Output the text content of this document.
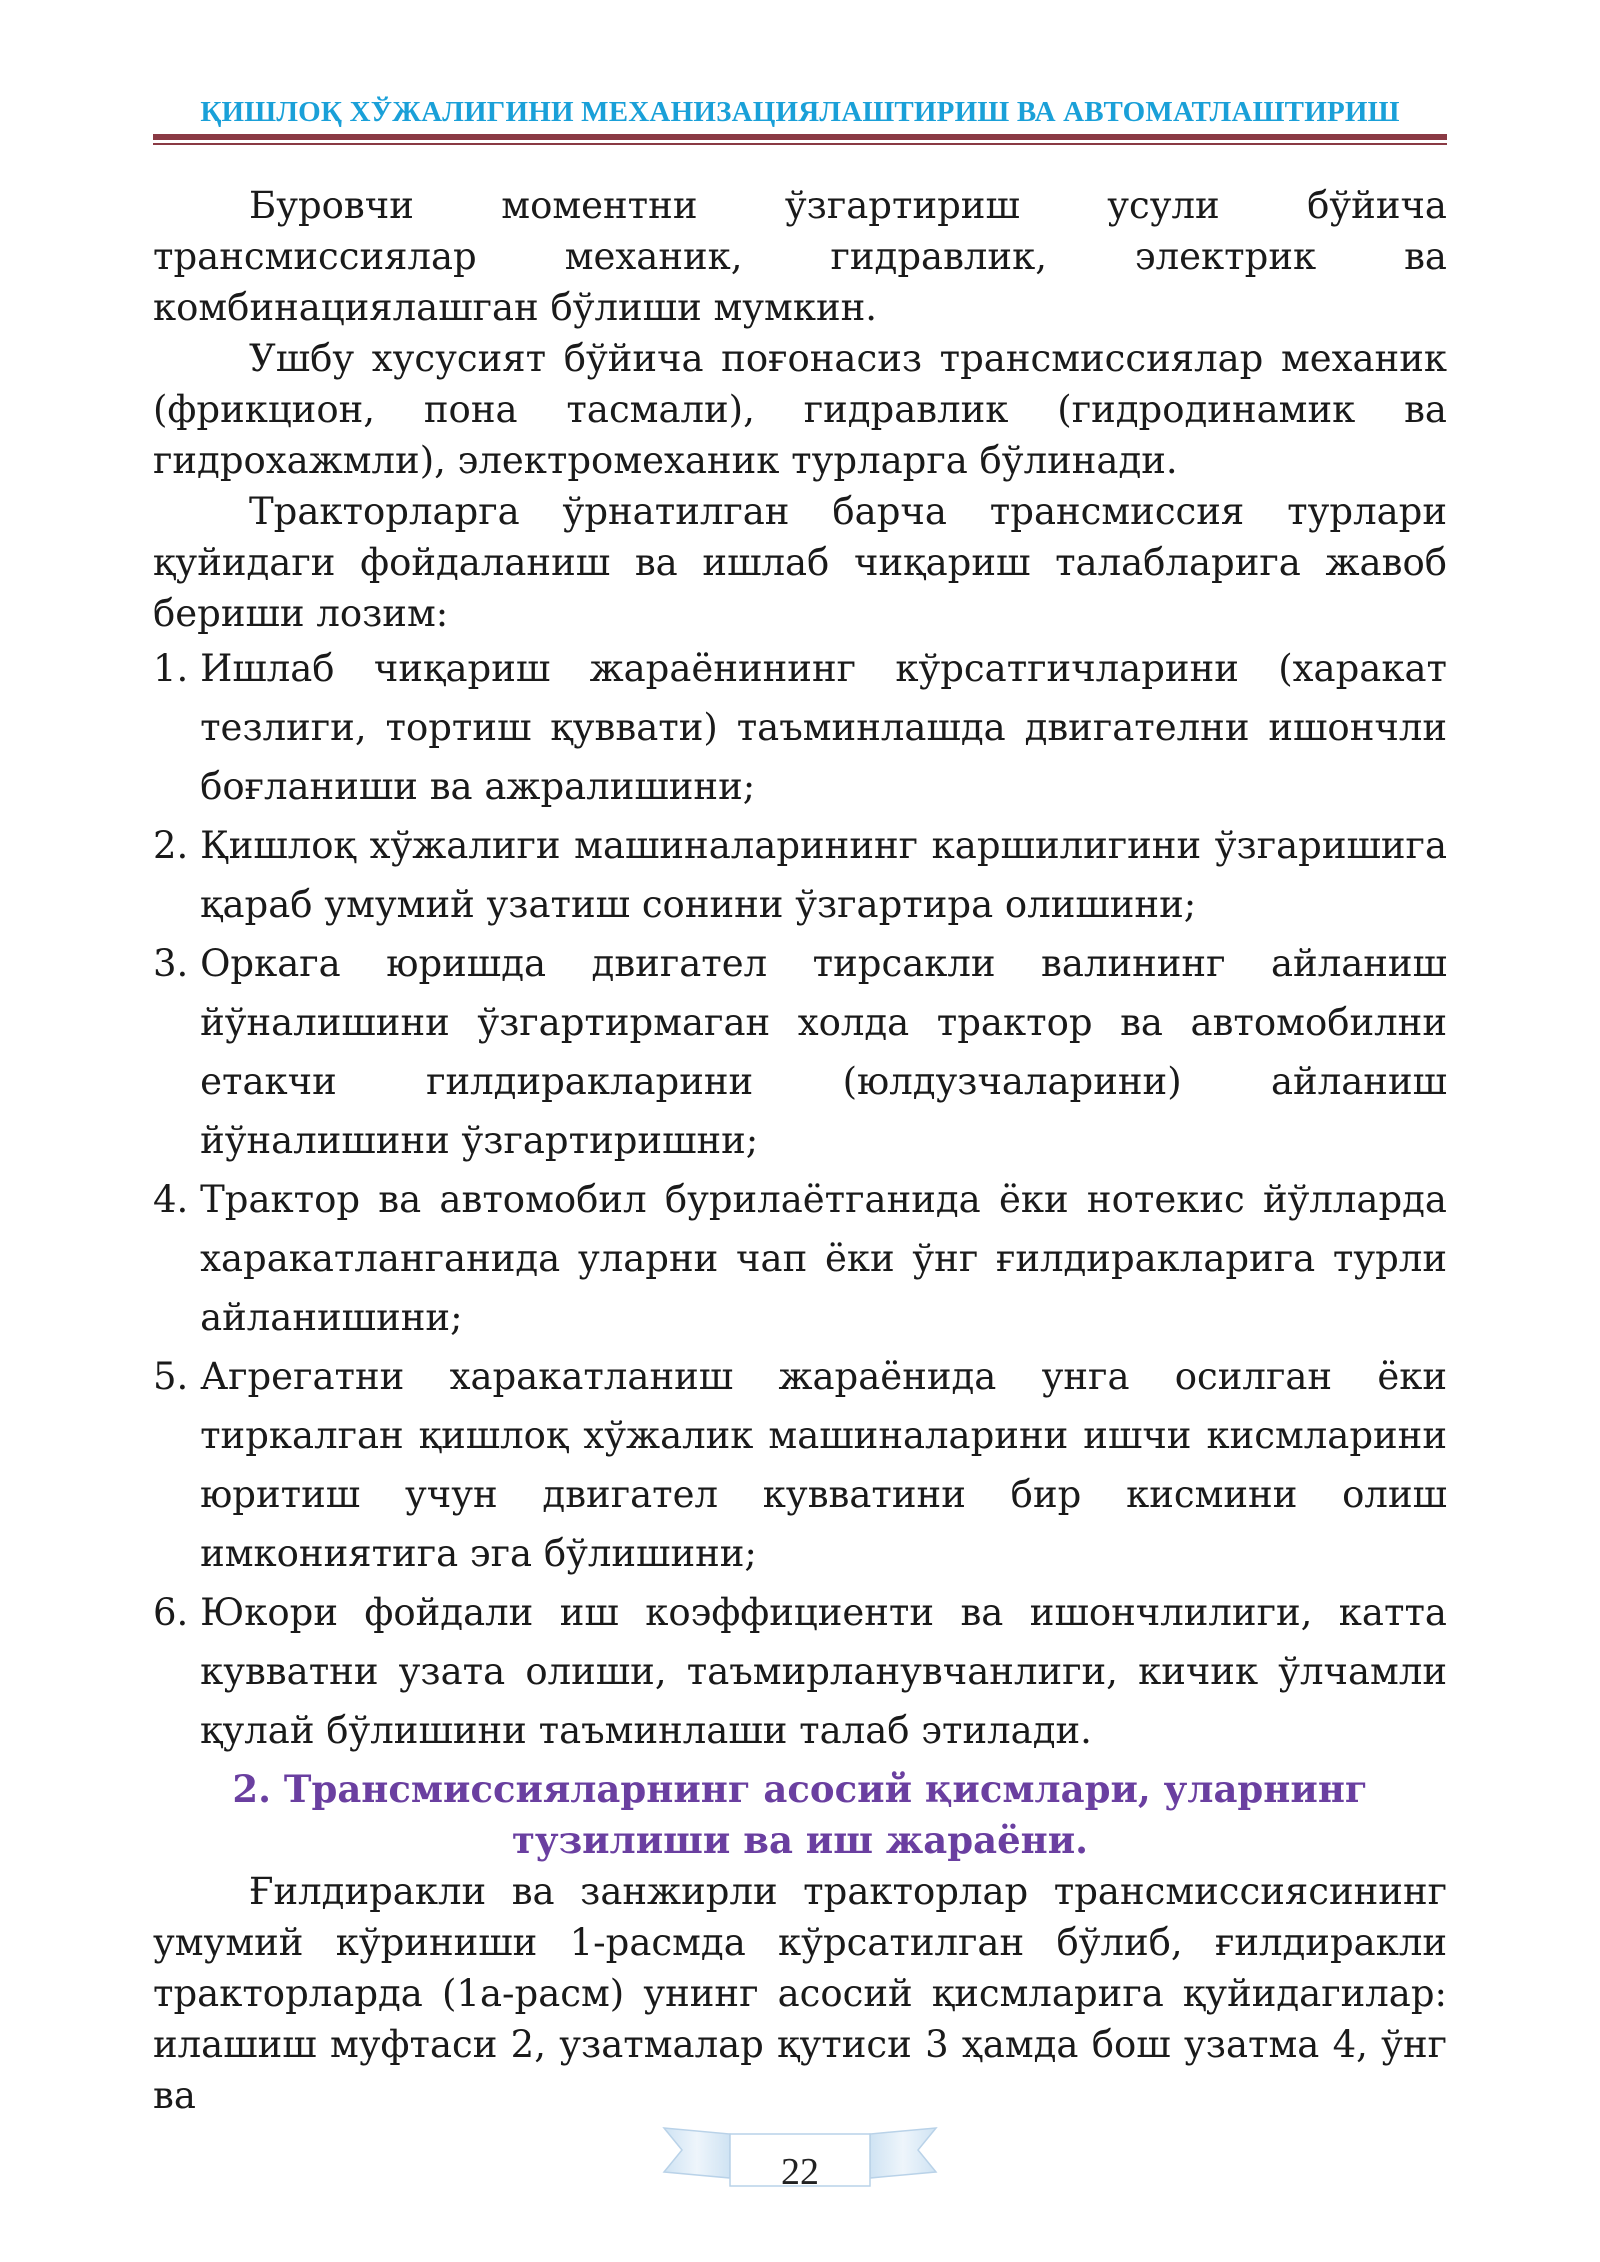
ҚИШЛОҚ ХЎЖАЛИГИНИ МЕХАНИЗАЦИЯЛАШТИРИШ ВА АВТОМАТЛАШТИРИШ

Буровчи моментни ўзгартириш усули бўйича трансмиссиялар механик, гидравлик, электрик ва комбинациялашган бўлиши мумкин.

Ушбу хусусият бўйича поғонасиз трансмиссиялар механик (фрикцион, пона тасмали), гидравлик (гидродинамик ва гидрохажмли), электромеханик турларга бўлинади.

Тракторларга ўрнатилган барча трансмиссия турлари қуйидаги фойдаланиш ва ишлаб чиқариш талабларига жавоб бериши лозим:

1. Ишлаб чиқариш жараёнининг кўрсатгичларини (харакат тезлиги, тортиш қуввати) таъминлашда двигателни ишончли боғланиши ва ажралишини;
2. Қишлоқ хўжалиги машиналарининг каршилигини ўзгаришига қараб умумий узатиш сонини ўзгартира олишини;
3. Оркага юришда двигател тирсакли валининг айланиш йўналишини ўзгартирмаган холда трактор ва автомобилни етакчи гилдиракларини (юлдузчаларини) айланиш йўналишини ўзгартиришни;
4. Трактор ва автомобил бурилаётганида ёки нотекис йўлларда харакатланганида уларни чап ёки ўнг ғилдиракларига турли айланишини;
5. Агрегатни харакатланиш жараёнида унга осилган ёки тиркалган қишлоқ хўжалик машиналарини ишчи кисмларини юритиш учун двигател кувватини бир кисмини олиш имкониятига эга бўлишини;
6. Юкори фойдали иш коэффициенти ва ишончлилиги, катта кувватни узата олиши, таъмирланувчанлиги, кичик ўлчамли қулай бўлишини таъминлаши талаб этилади.

2. Трансмиссияларнинг асосий қисмлари, уларнинг тузилиши ва иш жараёни.

Ғилдиракли ва занжирли тракторлар трансмиссиясининг умумий кўриниши 1-расмда кўрсатилган бўлиб, ғилдиракли тракторларда (1а-расм) унинг асосий қисмларига қуйидагилар: илашиш муфтаси 2, узатмалар қутиси 3 ҳамда бош узатма 4, ўнг ва

22
